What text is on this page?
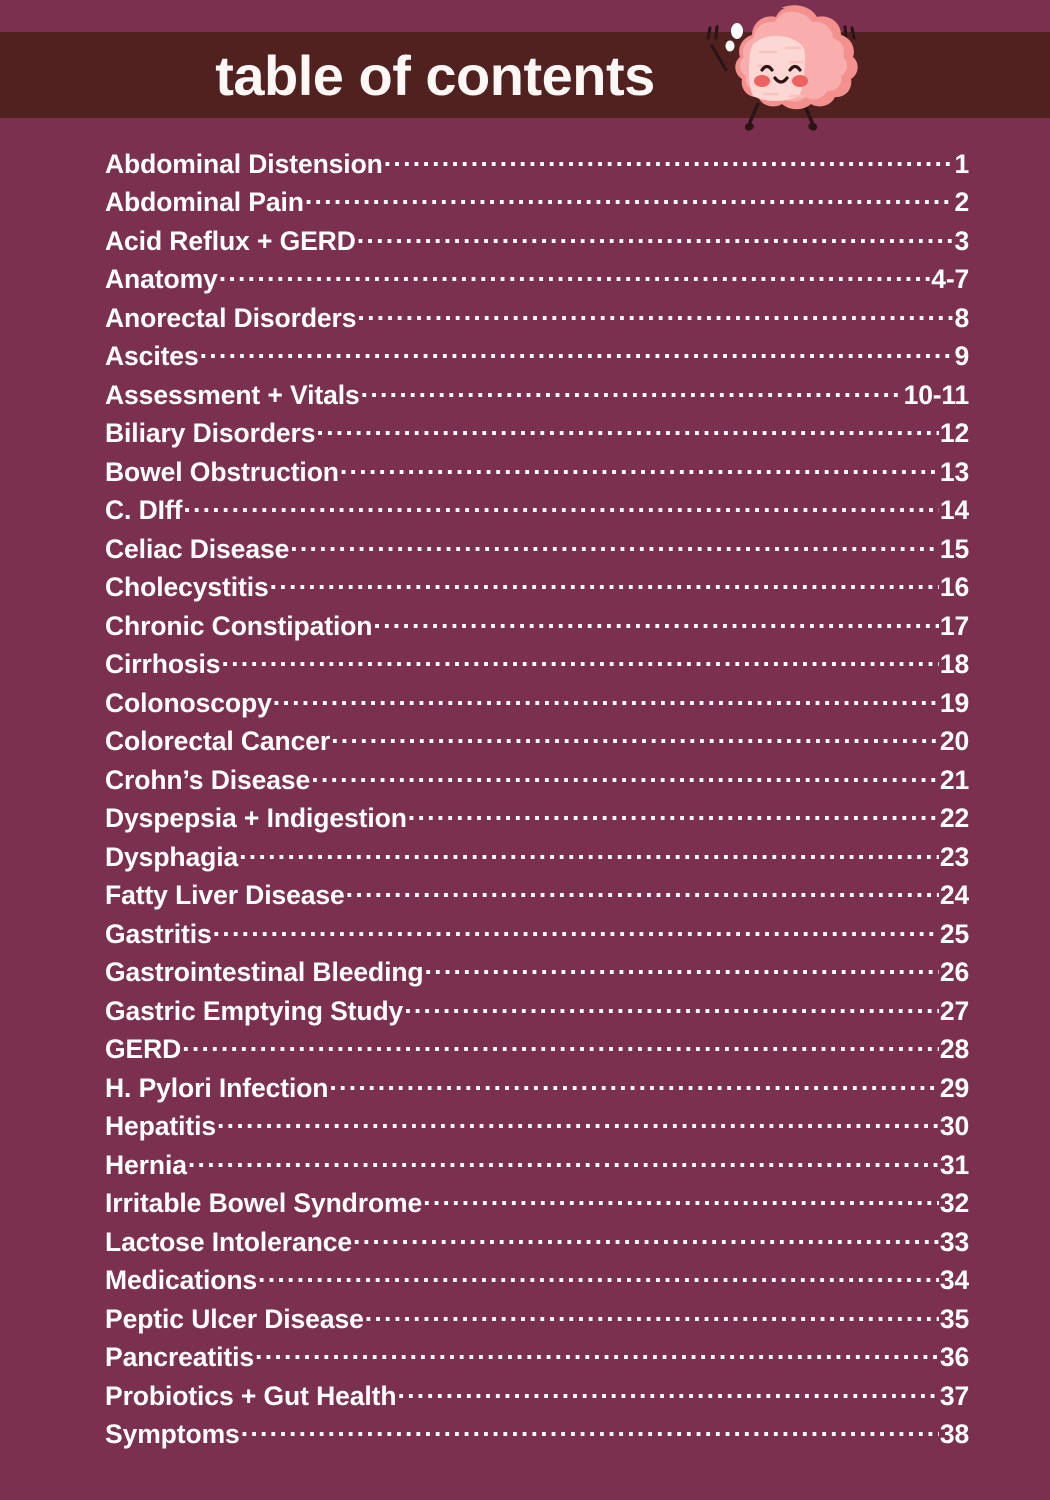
table of contents
Abdominal Distension .....	1
Abdominal Pain .....	2
Acid Reflux + GERD .....	3
Anatomy .....	4-7
Anorectal Disorders .....	8
Ascites .....	9
Assessment + Vitals .....	10-11
Biliary Disorders .....	12
Bowel Obstruction .....	13
C. DIff .....	14
Celiac Disease .....	15
Cholecystitis .....	16
Chronic Constipation .....	17
Cirrhosis .....	18
Colonoscopy .....	19
Colorectal Cancer .....	20
Crohn’s Disease .....	21
Dyspepsia + Indigestion .....	22
Dysphagia .....	23
Fatty Liver Disease .....	24
Gastritis .....	25
Gastrointestinal Bleeding .....	26
Gastric Emptying Study .....	27
GERD .....	28
H. Pylori Infection .....	29
Hepatitis .....	30
Hernia .....	31
Irritable Bowel Syndrome .....	32
Lactose Intolerance .....	33
Medications .....	34
Peptic Ulcer Disease .....	35
Pancreatitis .....	36
Probiotics + Gut Health .....	37
Symptoms .....	38
